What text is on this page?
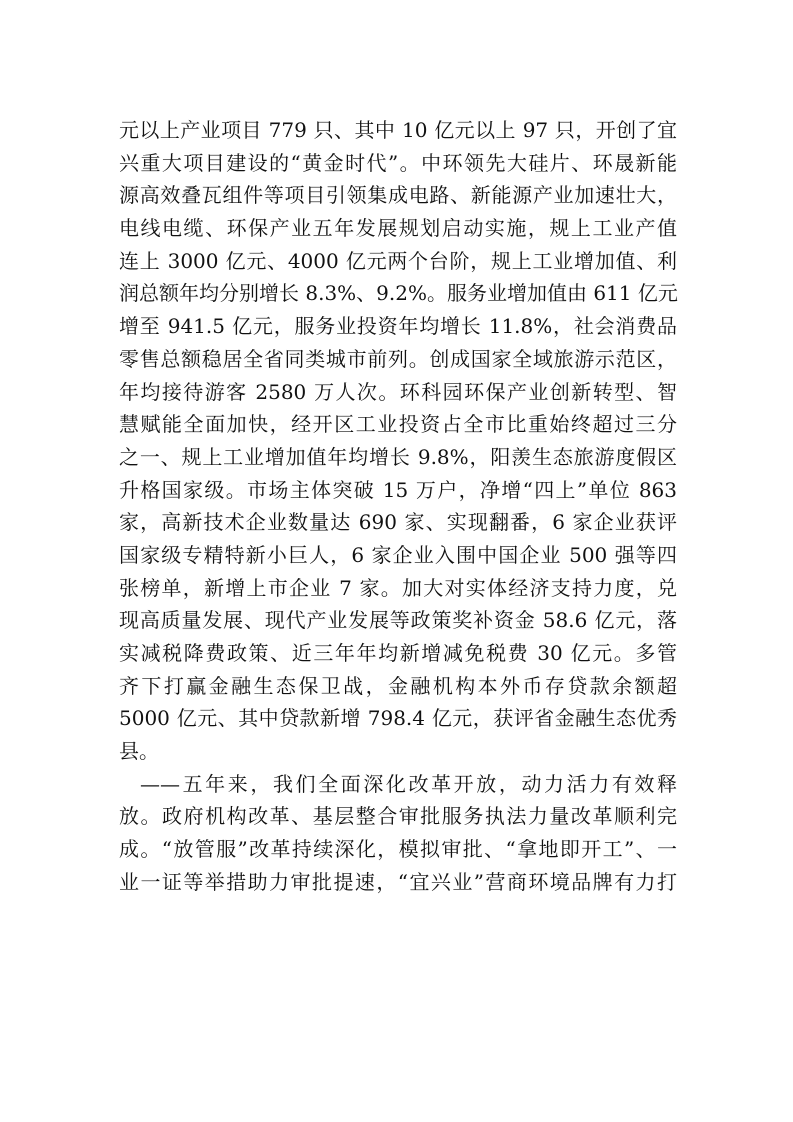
元以上产业项目 779 只、其中 10 亿元以上 97 只，开创了宜
兴重大项目建设的“黄金时代”。中环领先大硅片、环晟新能
源高效叠瓦组件等项目引领集成电路、新能源产业加速壮大，
电线电缆、环保产业五年发展规划启动实施，规上工业产值
连上 3000 亿元、4000 亿元两个台阶，规上工业增加值、利
润总额年均分别增长 8.3%、9.2%。服务业增加值由 611 亿元
增至 941.5 亿元，服务业投资年均增长 11.8%，社会消费品
零售总额稳居全省同类城市前列。创成国家全域旅游示范区，
年均接待游客 2580 万人次。环科园环保产业创新转型、智
慧赋能全面加快，经开区工业投资占全市比重始终超过三分
之一、规上工业增加值年均增长 9.8%，阳羡生态旅游度假区
升格国家级。市场主体突破 15 万户，净增“四上”单位 863
家，高新技术企业数量达 690 家、实现翻番，6 家企业获评
国家级专精特新小巨人，6 家企业入围中国企业 500 强等四
张榜单，新增上市企业 7 家。加大对实体经济支持力度，兑
现高质量发展、现代产业发展等政策奖补资金 58.6 亿元，落
实减税降费政策、近三年年均新增减免税费 30 亿元。多管
齐下打赢金融生态保卫战，金融机构本外币存贷款余额超
5000 亿元、其中贷款新增 798.4 亿元，获评省金融生态优秀
县。
——五年来，我们全面深化改革开放，动力活力有效释
放。政府机构改革、基层整合审批服务执法力量改革顺利完
成。“放管服”改革持续深化，模拟审批、“拿地即开工”、一
业一证等举措助力审批提速，“宜兴业”营商环境品牌有力打
